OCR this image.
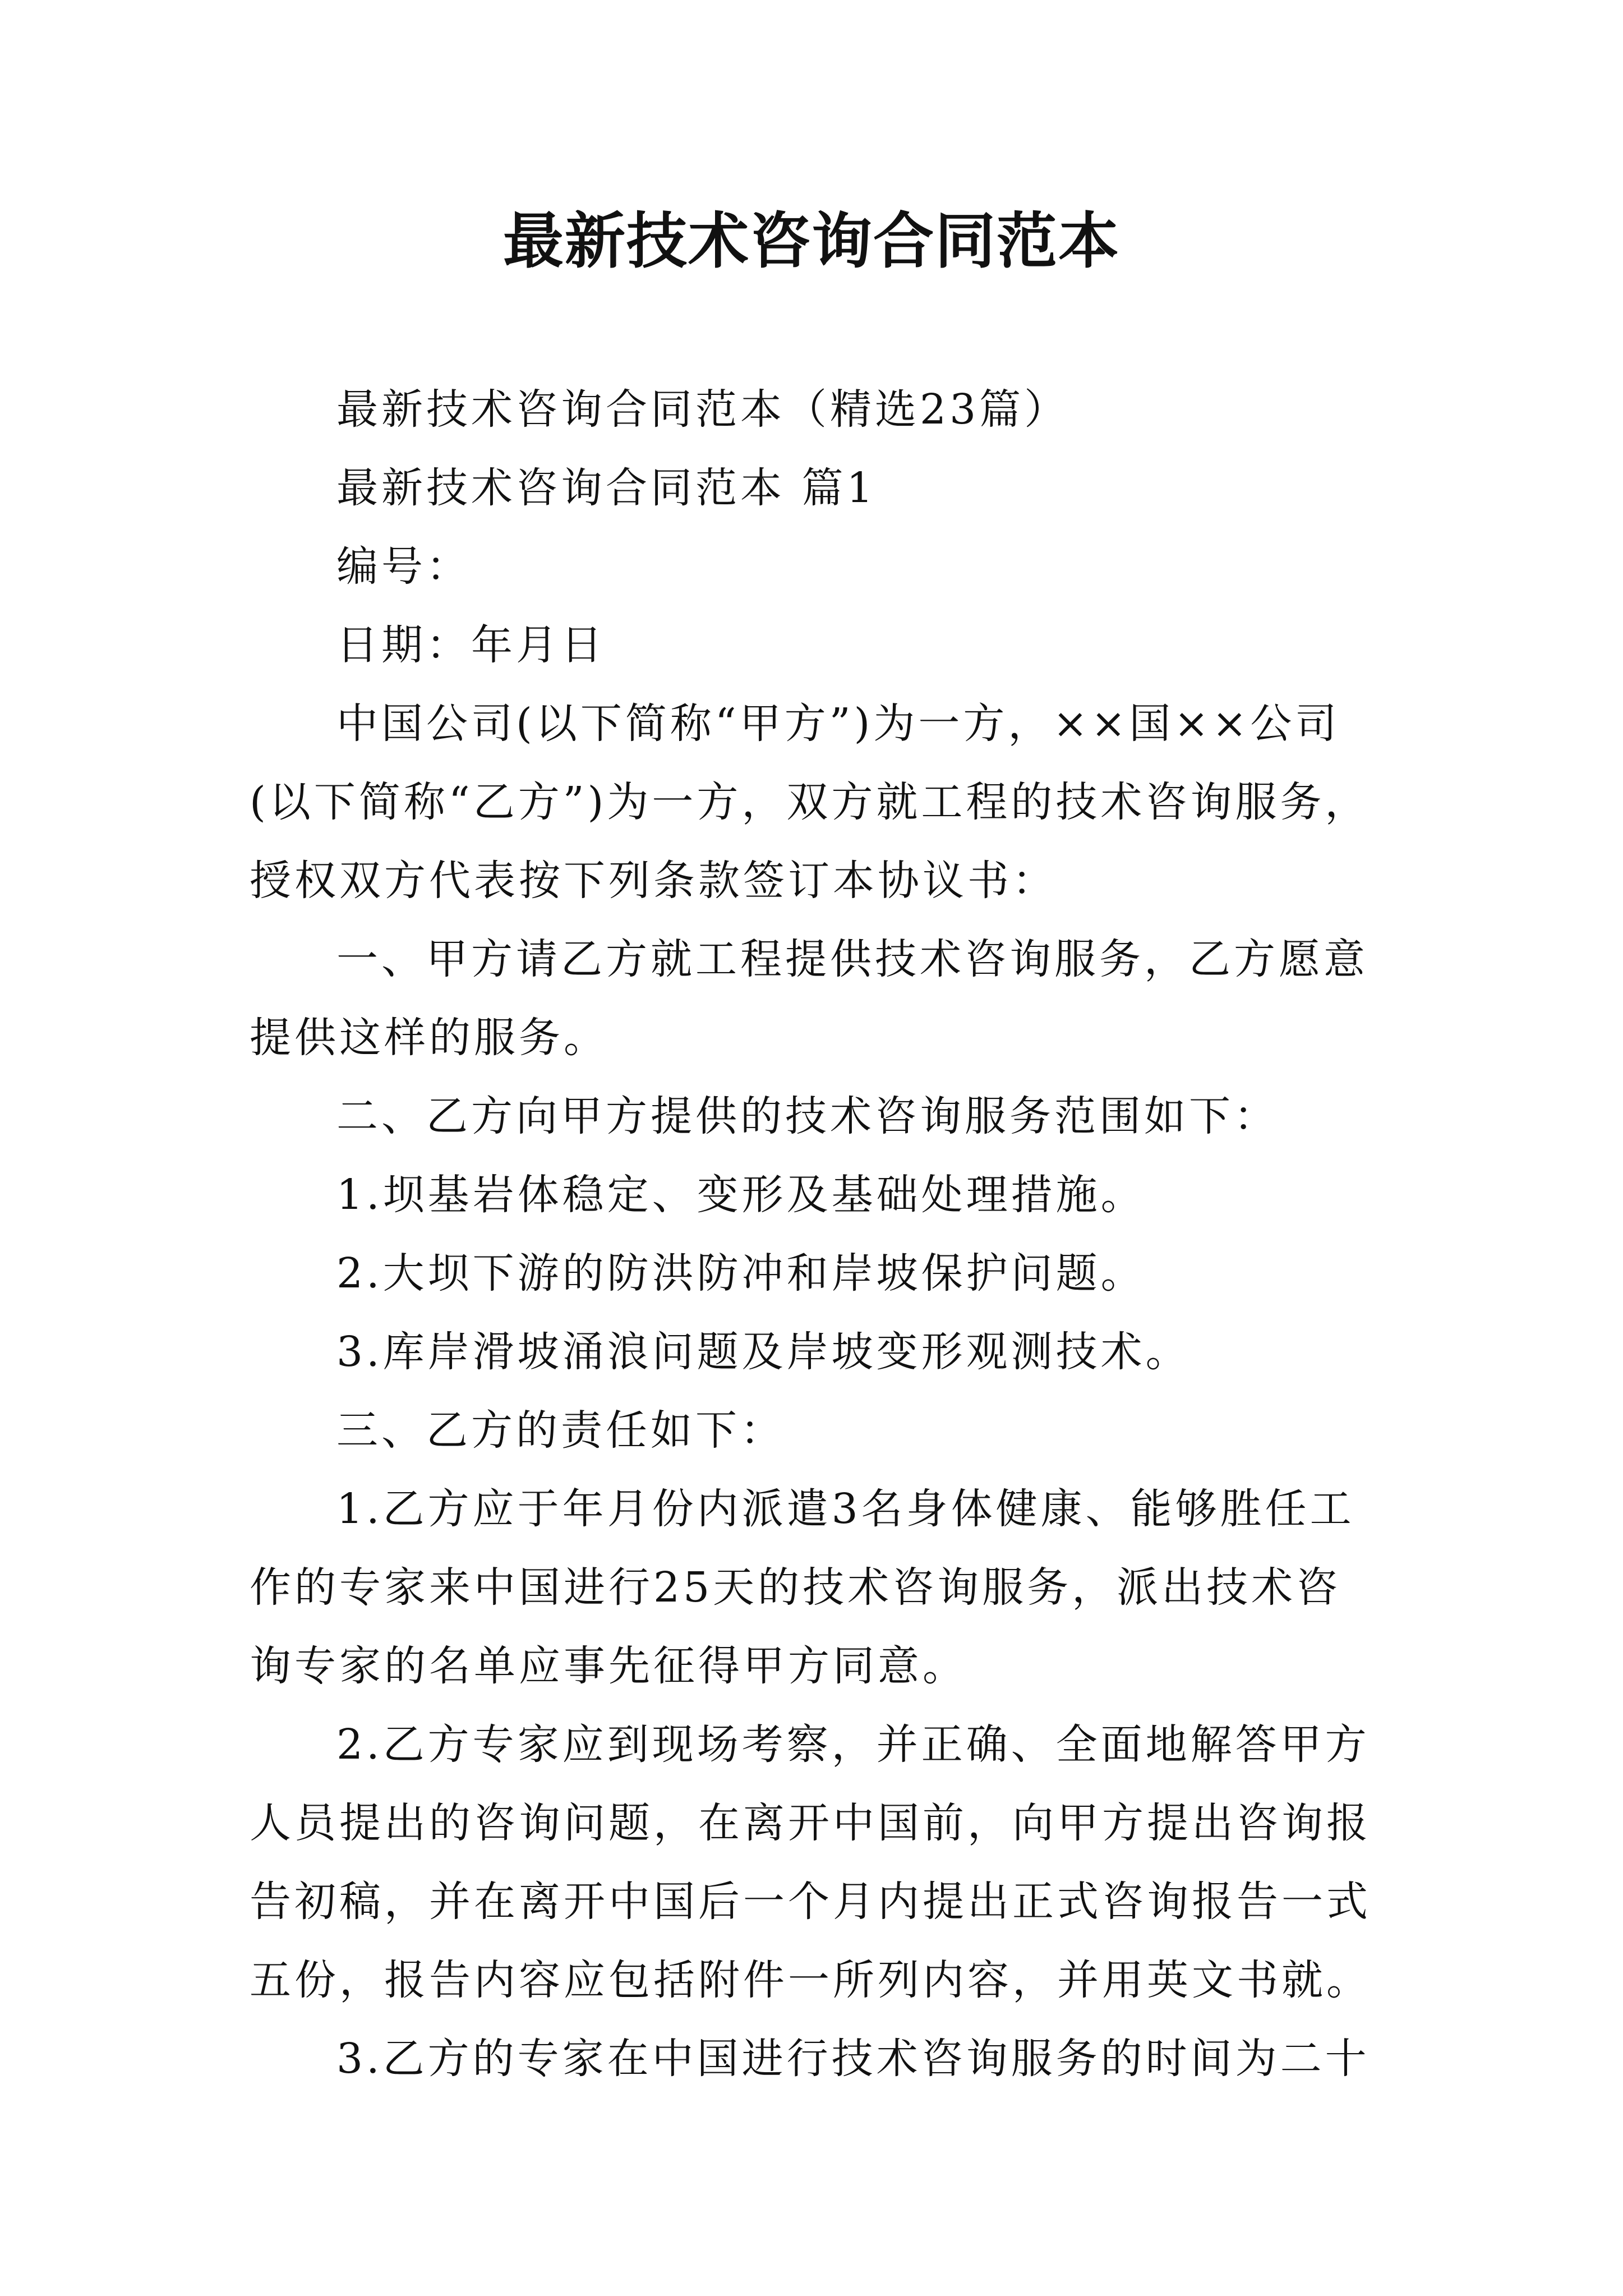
最新技术咨询合同范本

最新技术咨询合同范本（精选23篇）

最新技术咨询合同范本 篇1

编号：

日期：年月日

中国公司(以下简称“甲方”)为一方，××国××公司(以下简称“乙方”)为一方，双方就工程的技术咨询服务，授权双方代表按下列条款签订本协议书：

一、甲方请乙方就工程提供技术咨询服务，乙方愿意提供这样的服务。

二、乙方向甲方提供的技术咨询服务范围如下：

1.坝基岩体稳定、变形及基础处理措施。

2.大坝下游的防洪防冲和岸坡保护问题。

3.库岸滑坡涌浪问题及岸坡变形观测技术。

三、乙方的责任如下：

1.乙方应于年月份内派遣3名身体健康、能够胜任工作的专家来中国进行25天的技术咨询服务，派出技术咨询专家的名单应事先征得甲方同意。

2.乙方专家应到现场考察，并正确、全面地解答甲方人员提出的咨询问题，在离开中国前，向甲方提出咨询报告初稿，并在离开中国后一个月内提出正式咨询报告一式五份，报告内容应包括附件一所列内容，并用英文书就。

3.乙方的专家在中国进行技术咨询服务的时间为二十
